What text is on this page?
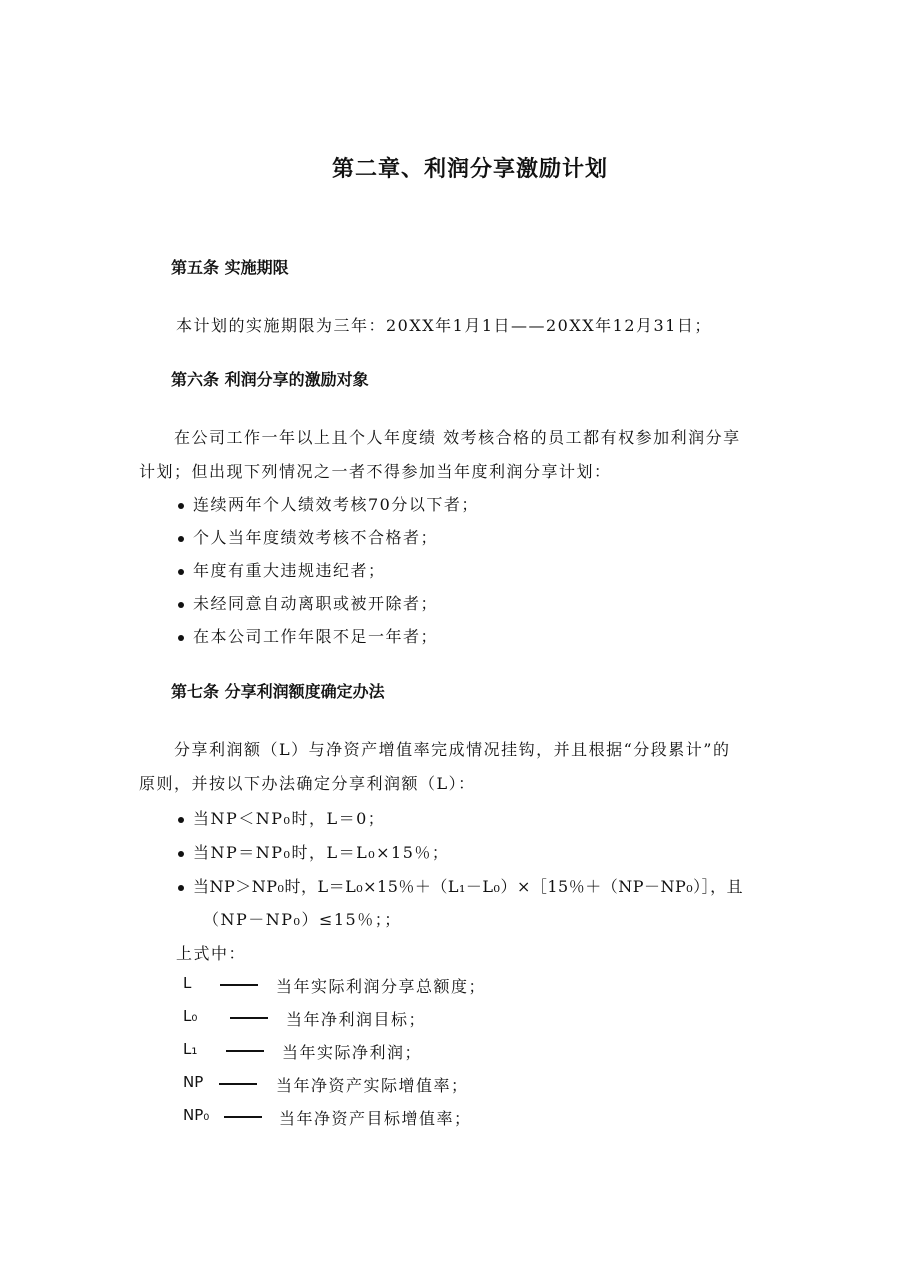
第二章、利润分享激励计划
第五条 实施期限
本计划的实施期限为三年：20XX年1月1日——20XX年12月31日；
第六条 利润分享的激励对象
在公司工作一年以上且个人年度绩 效考核合格的员工都有权参加利润分享
计划；但出现下列情况之一者不得参加当年度利润分享计划：
连续两年个人绩效考核70分以下者；
个人当年度绩效考核不合格者；
年度有重大违规违纪者；
未经同意自动离职或被开除者；
在本公司工作年限不足一年者；
第七条 分享利润额度确定办法
分享利润额（L）与净资产增值率完成情况挂钩，并且根据“分段累计”的
原则，并按以下办法确定分享利润额（L）：
当NP＜NP₀时，L＝0；
当NP＝NP₀时，L＝L₀×15％；
当NP＞NP₀时，L＝L₀×15％＋（L₁－L₀）×［15％＋（NP－NP₀）］，且
（NP－NP₀）≤15％；；
上式中：
L	当年实际利润分享总额度；
L₀	当年净利润目标；
L₁	当年实际净利润；
NP	当年净资产实际增值率；
NP₀	当年净资产目标增值率；
